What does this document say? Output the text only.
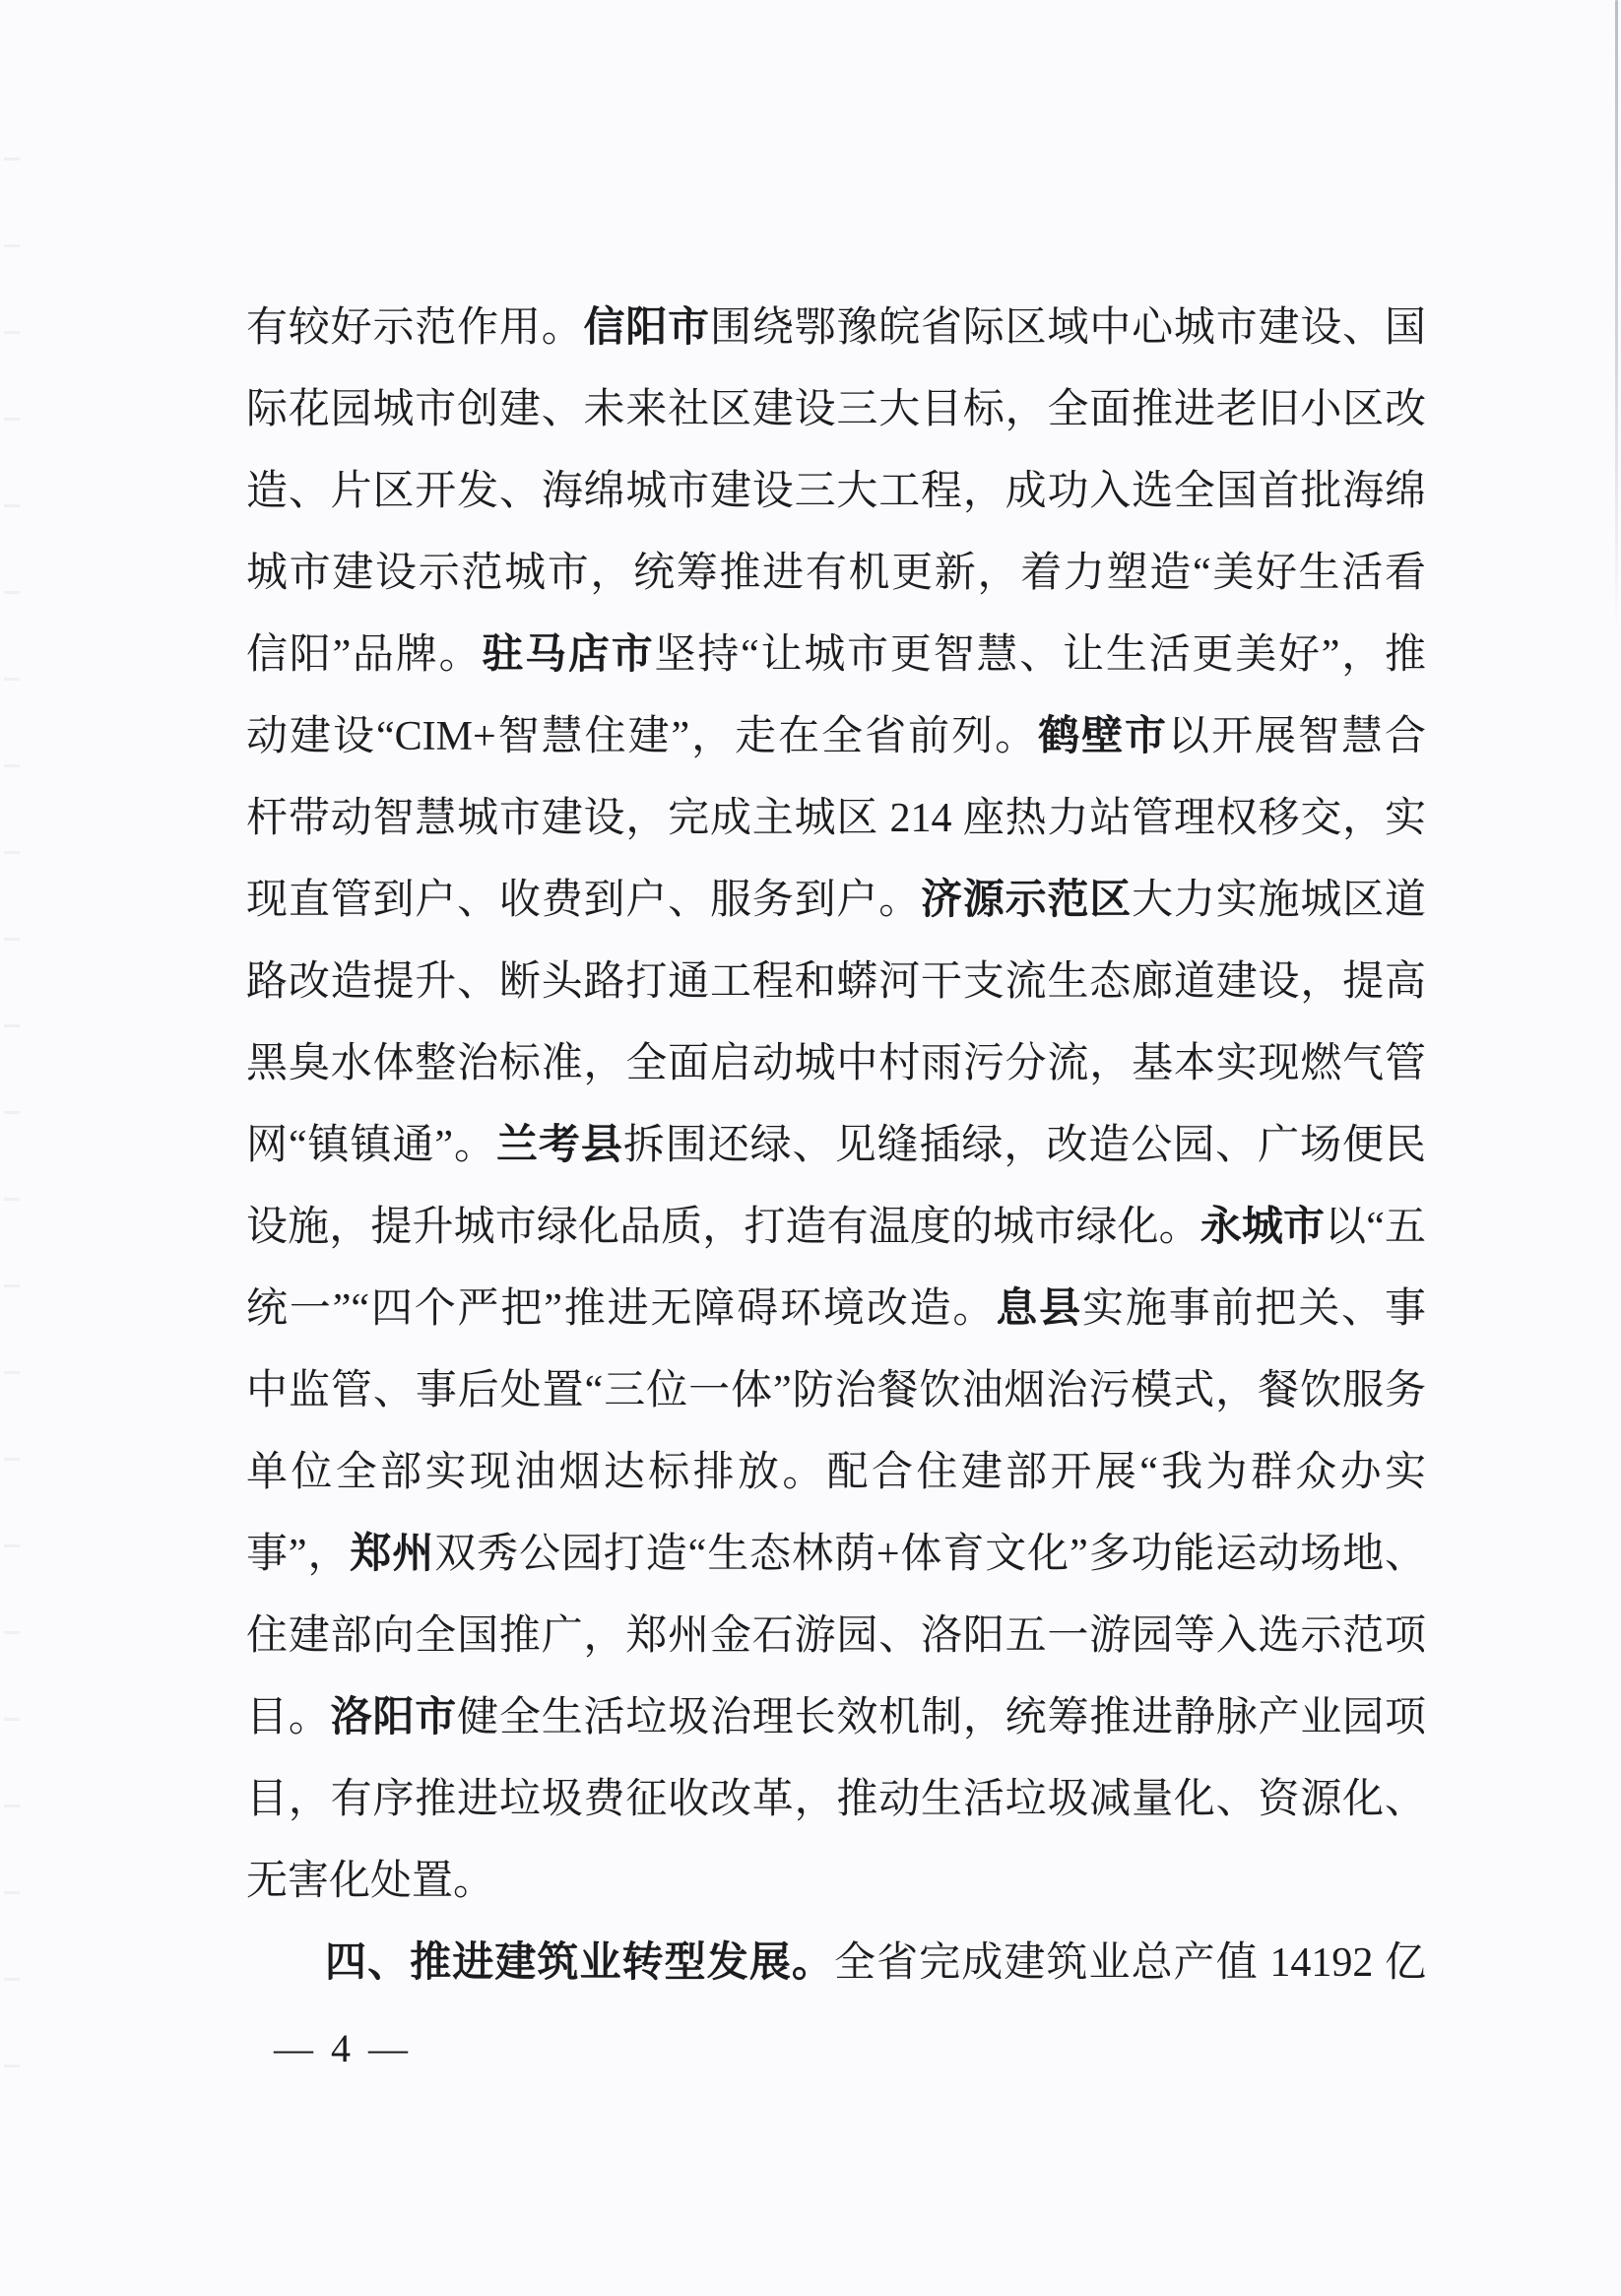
有较好示范作用。信阳市围绕鄂豫皖省际区域中心城市建设、国
际花园城市创建、未来社区建设三大目标，全面推进老旧小区改
造、片区开发、海绵城市建设三大工程，成功入选全国首批海绵
城市建设示范城市，统筹推进有机更新，着力塑造“美好生活看
信阳”品牌。驻马店市坚持“让城市更智慧、让生活更美好”，推
动建设“CIM+智慧住建”，走在全省前列。鹤壁市以开展智慧合
杆带动智慧城市建设，完成主城区 214 座热力站管理权移交，实
现直管到户、收费到户、服务到户。济源示范区大力实施城区道
路改造提升、断头路打通工程和蟒河干支流生态廊道建设，提高
黑臭水体整治标准，全面启动城中村雨污分流，基本实现燃气管
网“镇镇通”。兰考县拆围还绿、见缝插绿，改造公园、广场便民
设施，提升城市绿化品质，打造有温度的城市绿化。永城市以“五
统一”“四个严把”推进无障碍环境改造。息县实施事前把关、事
中监管、事后处置“三位一体”防治餐饮油烟治污模式，餐饮服务
单位全部实现油烟达标排放。配合住建部开展“我为群众办实
事”，郑州双秀公园打造“生态林荫+体育文化”多功能运动场地、
住建部向全国推广，郑州金石游园、洛阳五一游园等入选示范项
目。洛阳市健全生活垃圾治理长效机制，统筹推进静脉产业园项
目，有序推进垃圾费征收改革，推动生活垃圾减量化、资源化、
无害化处置。
四、推进建筑业转型发展。全省完成建筑业总产值 14192 亿
— 4 —
